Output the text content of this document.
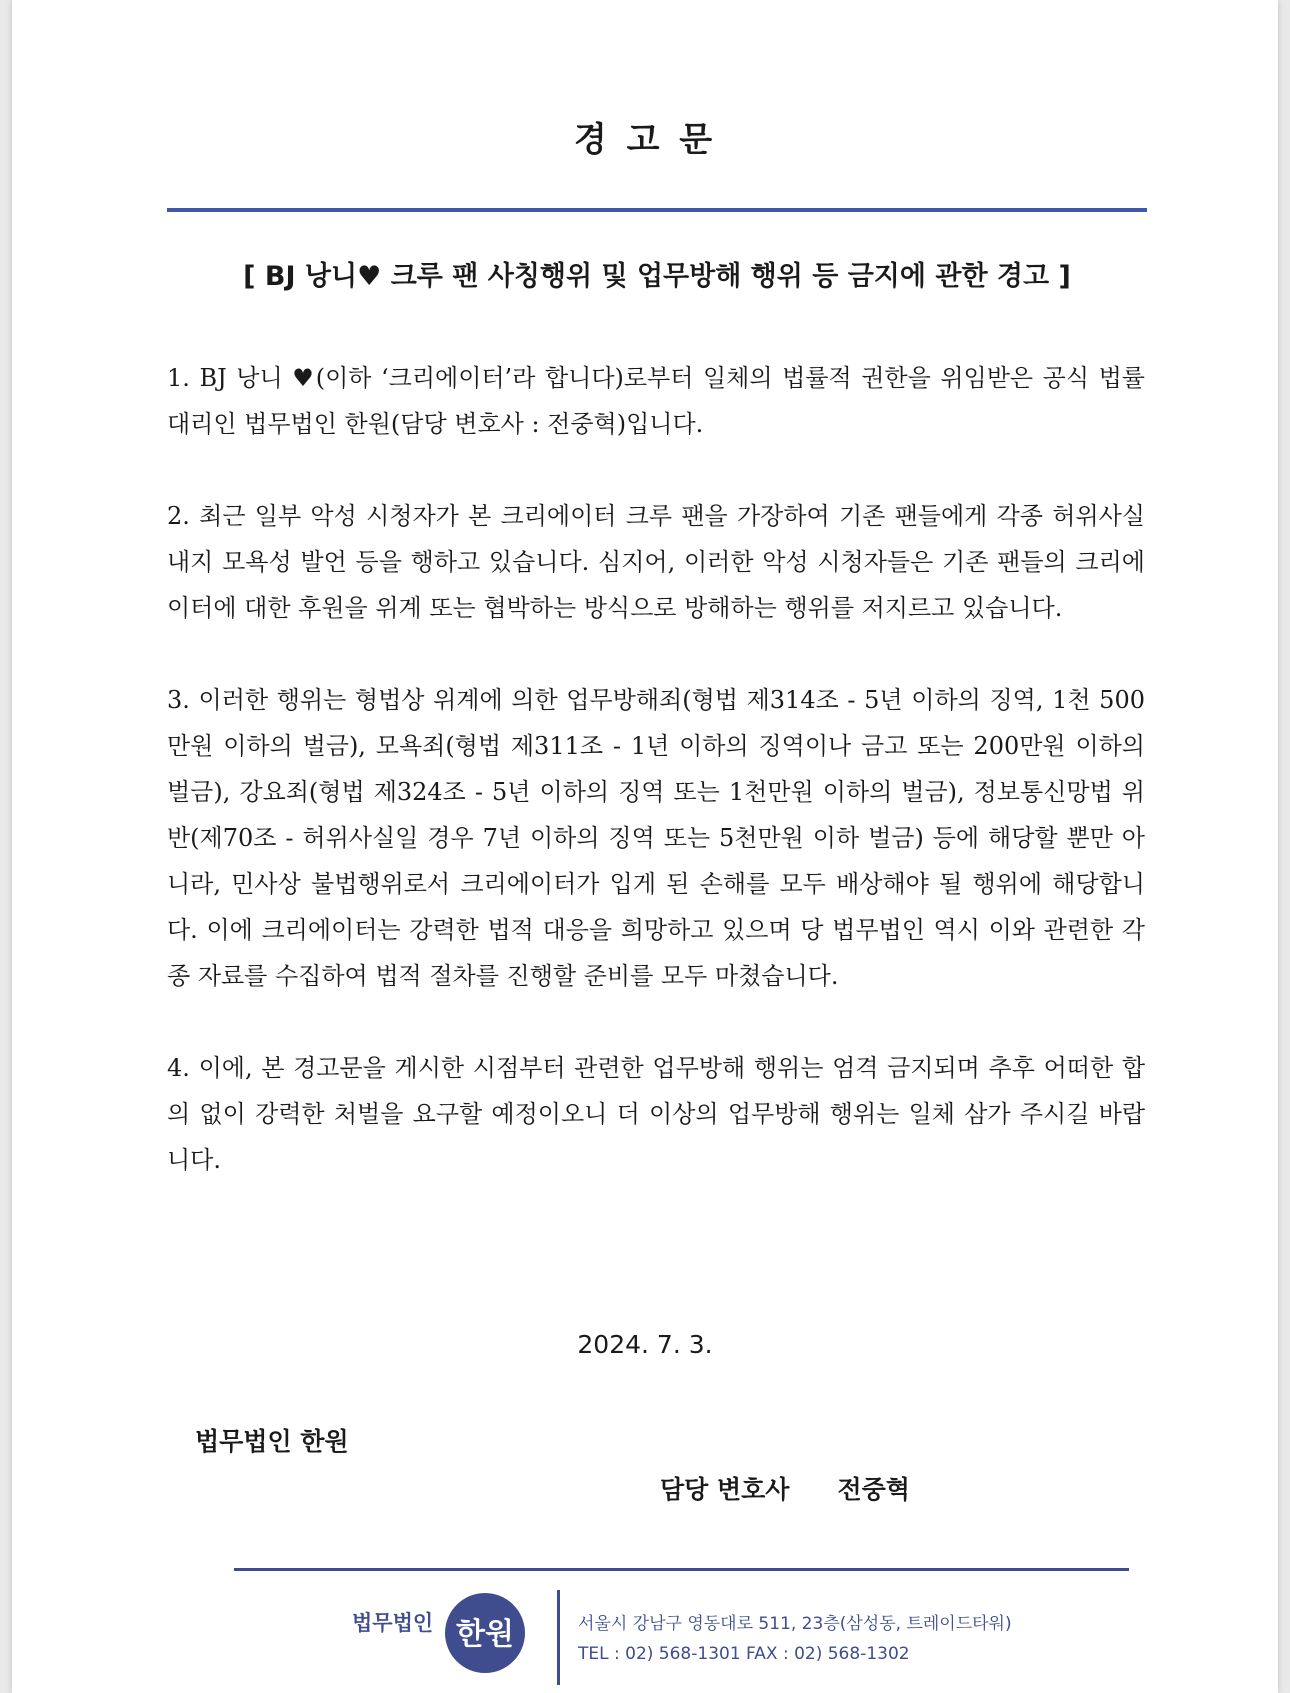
경 고 문

[ BJ 낭니♥ 크루 팬 사칭행위 및 업무방해 행위 등 금지에 관한 경고 ]

1. BJ 낭니 ♥(이하 ‘크리에이터’라 합니다)로부터 일체의 법률적 권한을 위임받은 공식 법률 대리인 법무법인 한원(담당 변호사 : 전중혁)입니다.

2. 최근 일부 악성 시청자가 본 크리에이터 크루 팬을 가장하여 기존 팬들에게 각종 허위사실 내지 모욕성 발언 등을 행하고 있습니다. 심지어, 이러한 악성 시청자들은 기존 팬들의 크리에이터에 대한 후원을 위계 또는 협박하는 방식으로 방해하는 행위를 저지르고 있습니다.

3. 이러한 행위는 형법상 위계에 의한 업무방해죄(형법 제314조 - 5년 이하의 징역, 1천 500만원 이하의 벌금), 모욕죄(형법 제311조 - 1년 이하의 징역이나 금고 또는 200만원 이하의 벌금), 강요죄(형법 제324조 - 5년 이하의 징역 또는 1천만원 이하의 벌금), 정보통신망법 위반(제70조 - 허위사실일 경우 7년 이하의 징역 또는 5천만원 이하 벌금) 등에 해당할 뿐만 아니라, 민사상 불법행위로서 크리에이터가 입게 된 손해를 모두 배상해야 될 행위에 해당합니다. 이에 크리에이터는 강력한 법적 대응을 희망하고 있으며 당 법무법인 역시 이와 관련한 각종 자료를 수집하여 법적 절차를 진행할 준비를 모두 마쳤습니다.

4. 이에, 본 경고문을 게시한 시점부터 관련한 업무방해 행위는 엄격 금지되며 추후 어떠한 합의 없이 강력한 처벌을 요구할 예정이오니 더 이상의 업무방해 행위는 일체 삼가 주시길 바랍니다.

2024. 7. 3.

법무법인 한원

담당 변호사 전중혁
법무법인 한원	서울시 강남구 영동대로 511, 23층(삼성동, 트레이드타워)
TEL : 02) 568-1301 FAX : 02) 568-1302
